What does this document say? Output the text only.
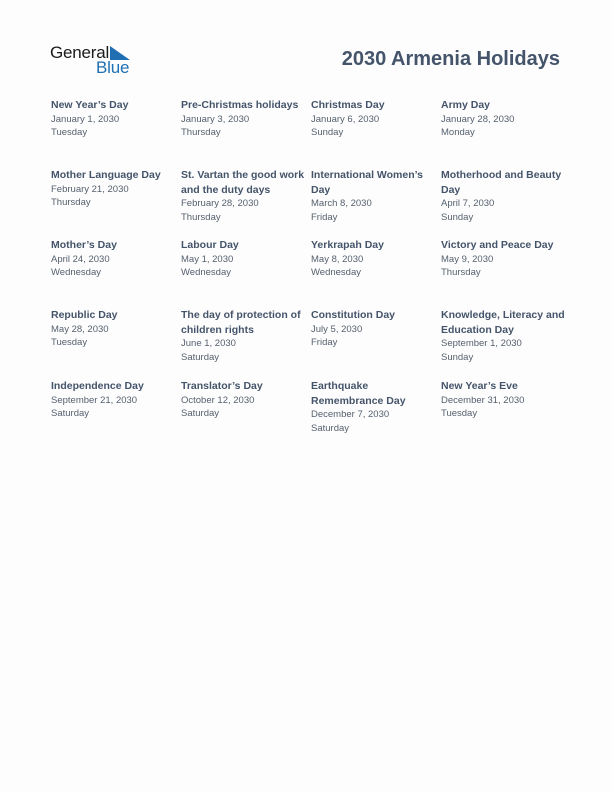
General
Blue	2030 Armenia Holidays
New Year’s Day
January 1, 2030
Tuesday
Pre-Christmas holidays
January 3, 2030
Thursday
Christmas Day
January 6, 2030
Sunday
Army Day
January 28, 2030
Monday
Mother Language Day
February 21, 2030
Thursday
St. Vartan the good work and the duty days
February 28, 2030
Thursday
International Women’s Day
March 8, 2030
Friday
Motherhood and Beauty Day
April 7, 2030
Sunday
Mother’s Day
April 24, 2030
Wednesday
Labour Day
May 1, 2030
Wednesday
Yerkrapah Day
May 8, 2030
Wednesday
Victory and Peace Day
May 9, 2030
Thursday
Republic Day
May 28, 2030
Tuesday
The day of protection of children rights
June 1, 2030
Saturday
Constitution Day
July 5, 2030
Friday
Knowledge, Literacy and Education Day
September 1, 2030
Sunday
Independence Day
September 21, 2030
Saturday
Translator’s Day
October 12, 2030
Saturday
Earthquake Remembrance Day
December 7, 2030
Saturday
New Year’s Eve
December 31, 2030
Tuesday
